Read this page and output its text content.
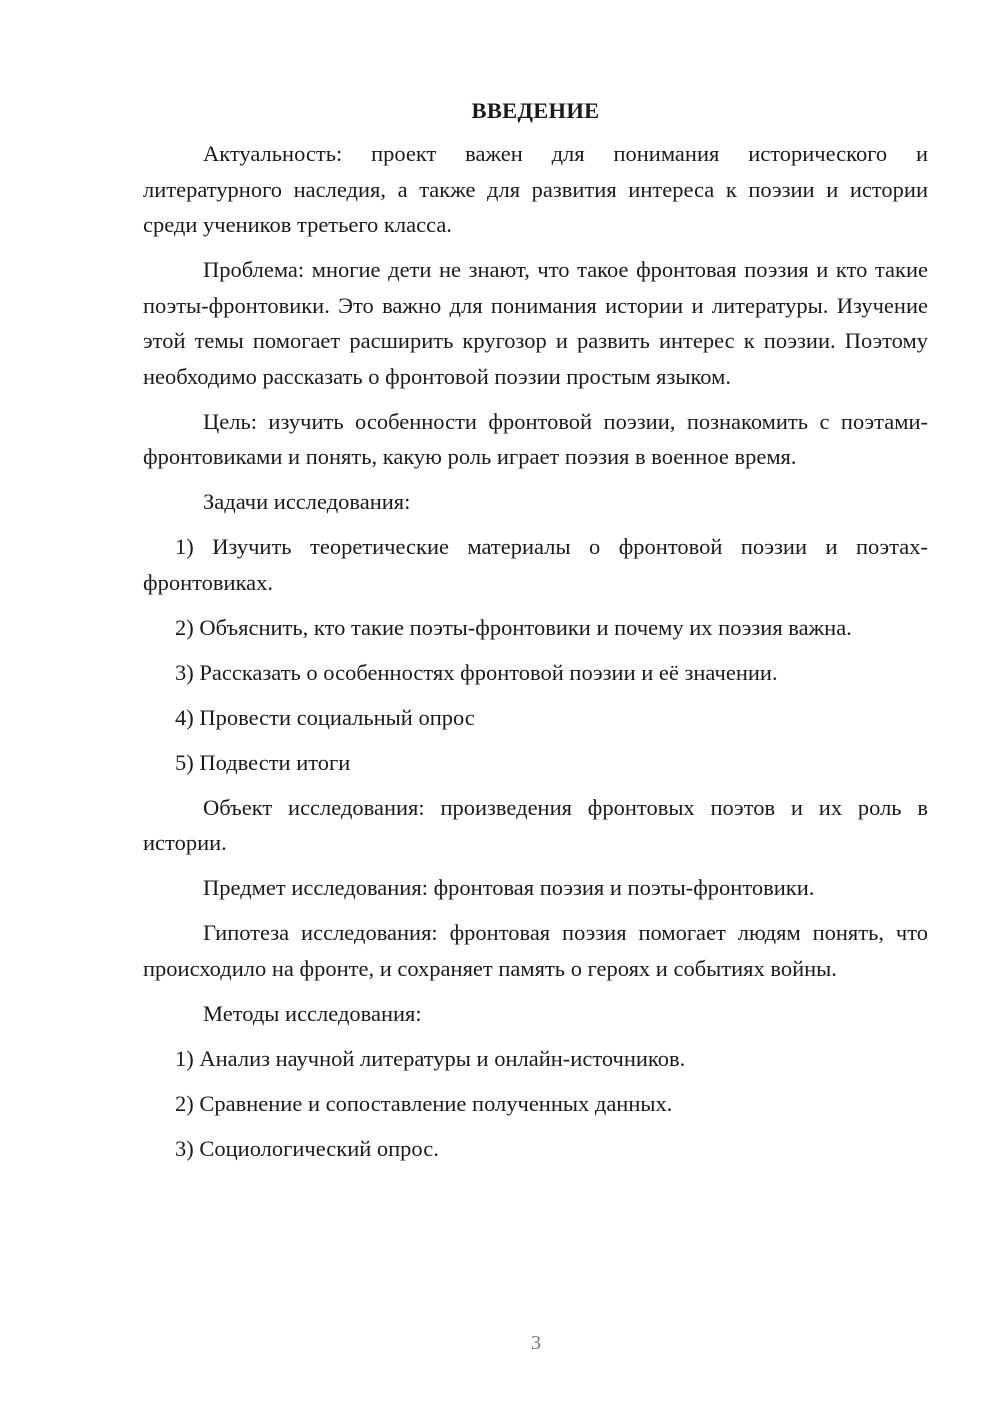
ВВЕДЕНИЕ

Актуальность: проект важен для понимания исторического и литературного наследия, а также для развития интереса к поэзии и истории среди учеников третьего класса.

Проблема: многие дети не знают, что такое фронтовая поэзия и кто такие поэты-фронтовики. Это важно для понимания истории и литературы. Изучение этой темы помогает расширить кругозор и развить интерес к поэзии. Поэтому необходимо рассказать о фронтовой поэзии простым языком.

Цель: изучить особенности фронтовой поэзии, познакомить с поэтами-фронтовиками и понять, какую роль играет поэзия в военное время.

Задачи исследования:

1) Изучить теоретические материалы о фронтовой поэзии и поэтах-фронтовиках.

2) Объяснить, кто такие поэты-фронтовики и почему их поэзия важна.

3) Рассказать о особенностях фронтовой поэзии и её значении.

4) Провести социальный опрос

5) Подвести итоги

Объект исследования: произведения фронтовых поэтов и их роль в истории.

Предмет исследования: фронтовая поэзия и поэты-фронтовики.

Гипотеза исследования: фронтовая поэзия помогает людям понять, что происходило на фронте, и сохраняет память о героях и событиях войны.

Методы исследования:

1) Анализ научной литературы и онлайн-источников.

2) Сравнение и сопоставление полученных данных.

3) Социологический опрос.

3
